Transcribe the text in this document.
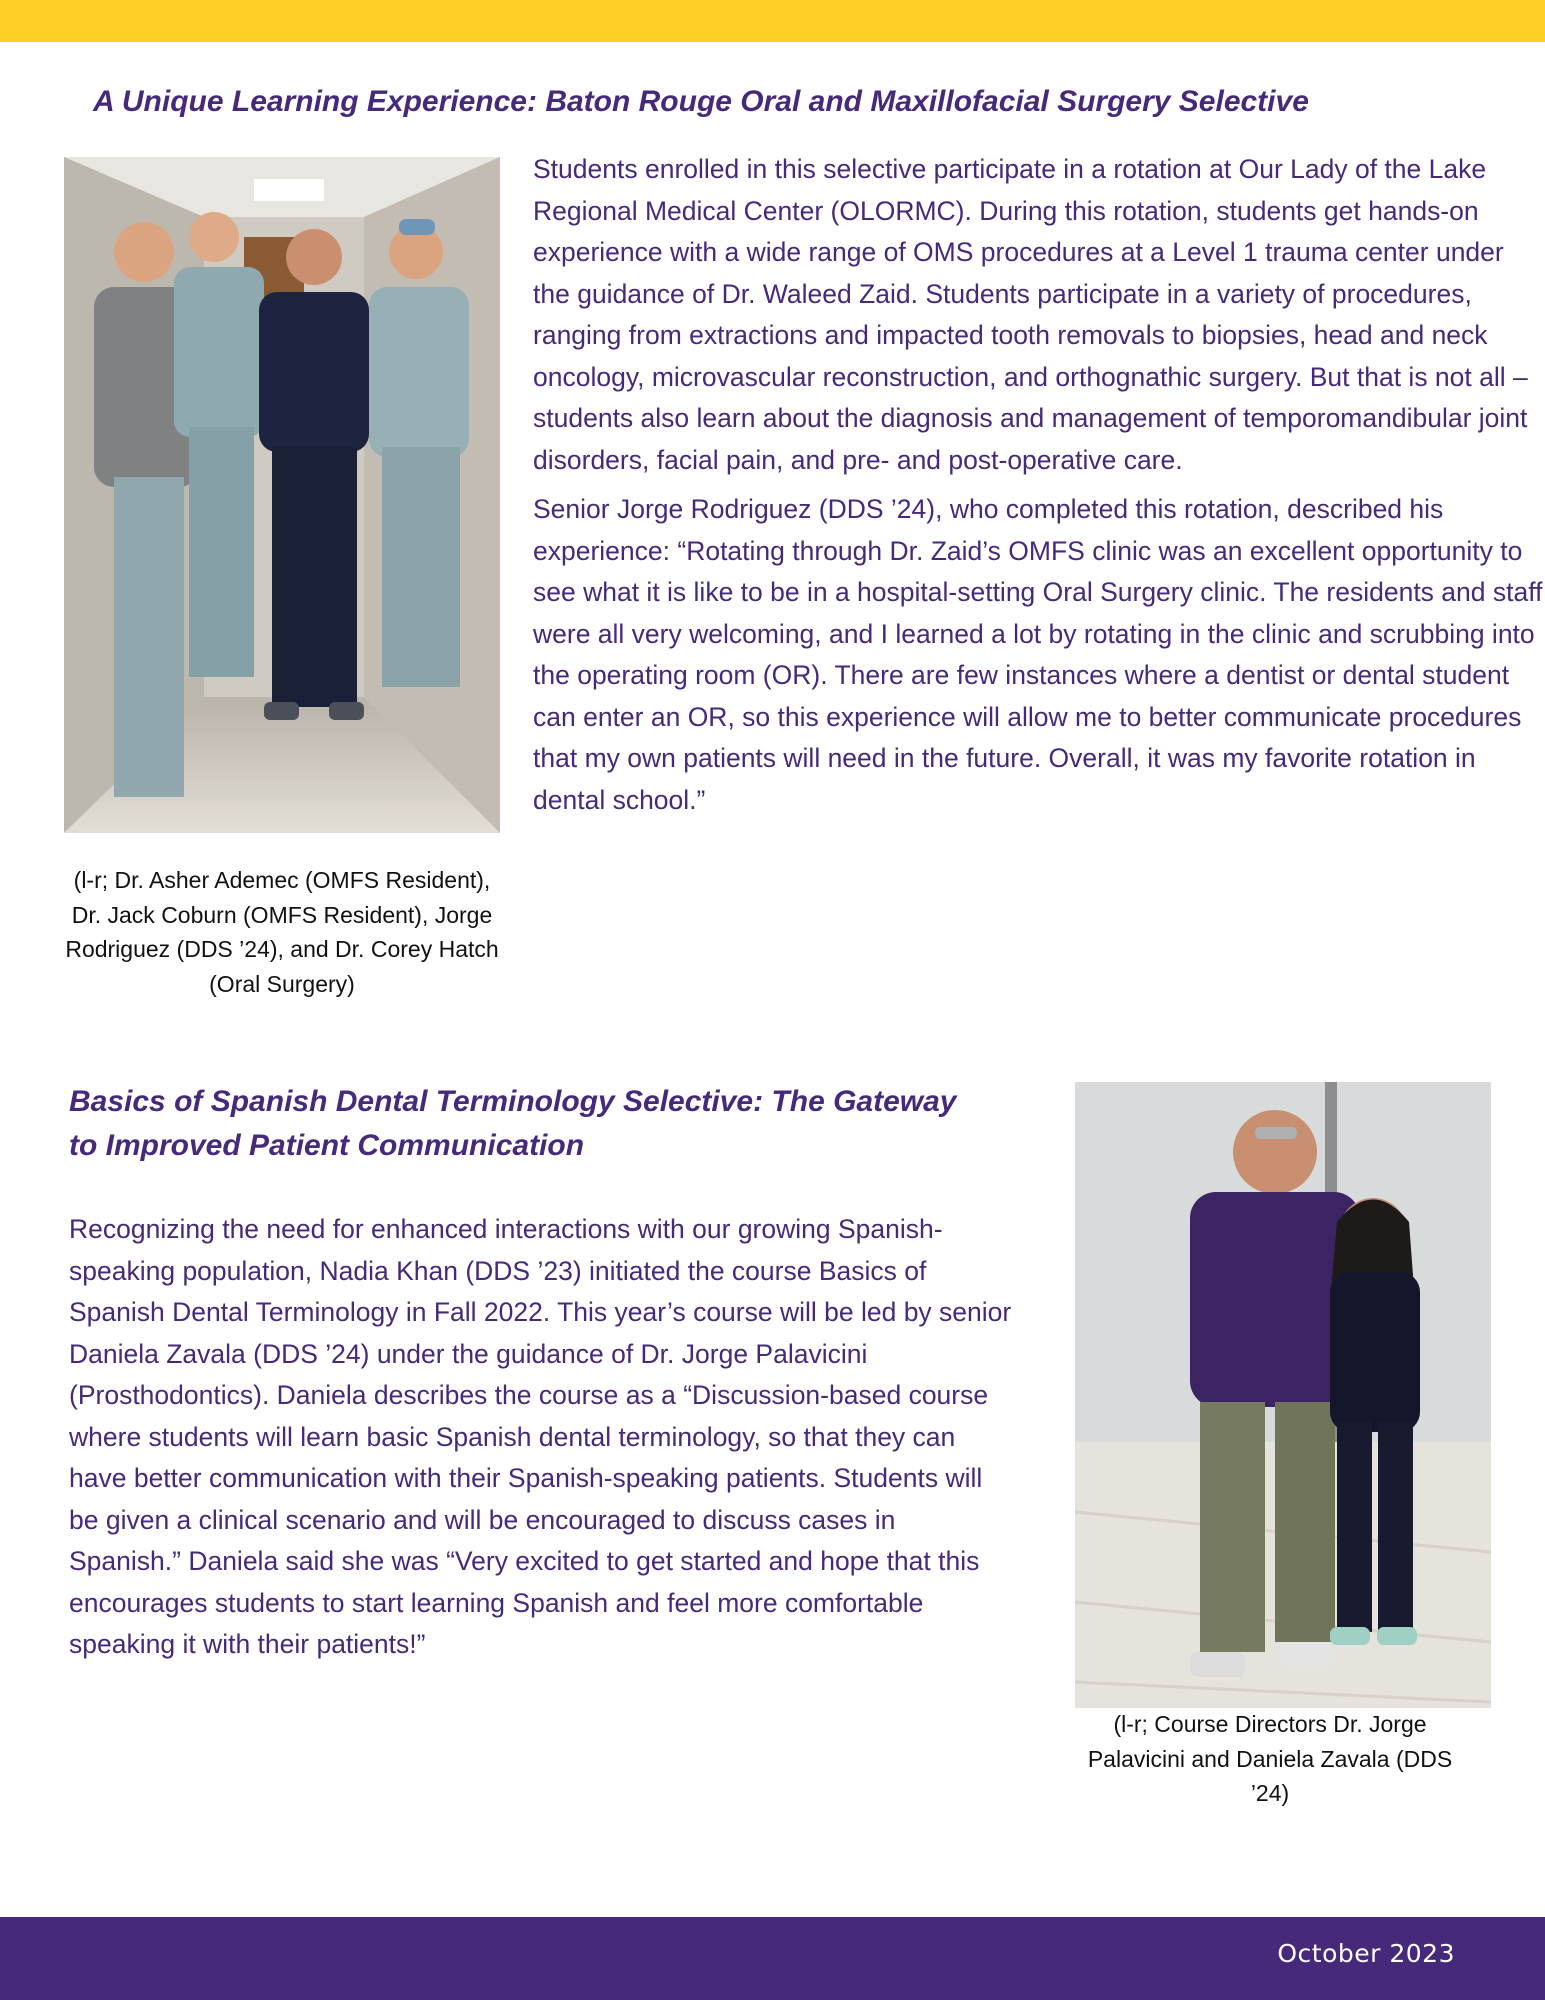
A Unique Learning Experience: Baton Rouge Oral and Maxillofacial Surgery Selective

(l-r; Dr. Asher Ademec (OMFS Resident), Dr. Jack Coburn (OMFS Resident), Jorge Rodriguez (DDS ’24), and Dr. Corey Hatch (Oral Surgery)

Students enrolled in this selective participate in a rotation at Our Lady of the Lake Regional Medical Center (OLORMC). During this rotation, students get hands-on experience with a wide range of OMS procedures at a Level 1 trauma center under the guidance of Dr. Waleed Zaid. Students participate in a variety of procedures, ranging from extractions and impacted tooth removals to biopsies, head and neck oncology, microvascular reconstruction, and orthognathic surgery. But that is not all – students also learn about the diagnosis and management of temporomandibular joint disorders, facial pain, and pre- and post-operative care.

Senior Jorge Rodriguez (DDS ’24), who completed this rotation, described his experience: “Rotating through Dr. Zaid’s OMFS clinic was an excellent opportunity to see what it is like to be in a hospital-setting Oral Surgery clinic. The residents and staff were all very welcoming, and I learned a lot by rotating in the clinic and scrubbing into the operating room (OR). There are few instances where a dentist or dental student can enter an OR, so this experience will allow me to better communicate procedures that my own patients will need in the future. Overall, it was my favorite rotation in dental school.”

Basics of Spanish Dental Terminology Selective: The Gateway to Improved Patient Communication

Recognizing the need for enhanced interactions with our growing Spanish-speaking population, Nadia Khan (DDS ’23) initiated the course Basics of Spanish Dental Terminology in Fall 2022. This year’s course will be led by senior Daniela Zavala (DDS ’24) under the guidance of Dr. Jorge Palavicini (Prosthodontics). Daniela describes the course as a “Discussion-based course where students will learn basic Spanish dental terminology, so that they can have better communication with their Spanish-speaking patients. Students will be given a clinical scenario and will be encouraged to discuss cases in Spanish.” Daniela said she was “Very excited to get started and hope that this encourages students to start learning Spanish and feel more comfortable speaking it with their patients!”

(l-r; Course Directors Dr. Jorge Palavicini and Daniela Zavala (DDS ’24)

October 2023
